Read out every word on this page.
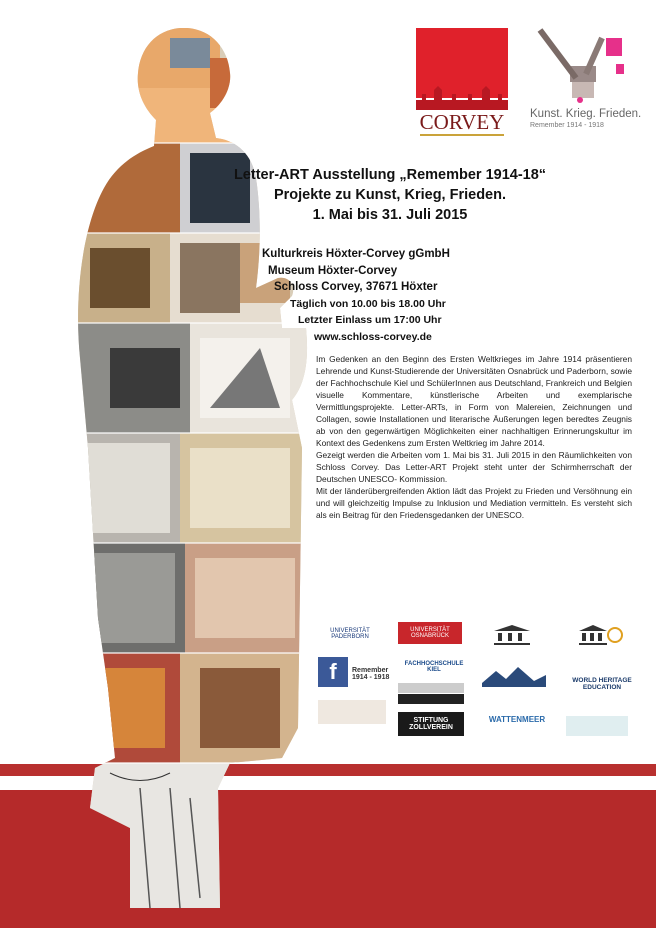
CORVEY	Kunst. Krieg. Frieden.
Remember 1914 - 1918
Letter-ART Ausstellung „Remember 1914-18“
Projekte zu Kunst, Krieg, Frieden.
1. Mai bis 31. Juli 2015
Kulturkreis Höxter-Corvey gGmbH
Museum Höxter-Corvey
Schloss Corvey, 37671 Höxter
Täglich von 10.00 bis 18.00 Uhr
Letzter Einlass um 17:00 Uhr
www.schloss-corvey.de

Im Gedenken an den Beginn des Ersten Weltkrieges im Jahre 1914 präsentieren Lehrende und Kunst-Studierende der Universitäten Osnabrück und Paderborn, sowie der Fachhochschule Kiel und SchülerInnen aus Deutschland, Frankreich und Belgien visuelle Kommentare, künstlerische Arbeiten und exemplarische Vermittlungsprojekte. Letter-ARTs, in Form von Malereien, Zeichnungen und Collagen, sowie Installationen und literarische Äußerungen legen beredtes Zeugnis ab von den gegenwärtigen Möglichkeiten einer nachhaltigen Erinnerungskultur im Kontext des Gedenkens zum Ersten Weltkrieg im Jahre 2014.

Gezeigt werden die Arbeiten vom 1. Mai bis 31. Juli 2015 in den Räumlichkeiten von Schloss Corvey. Das Letter-ART Projekt steht unter der Schirmherrschaft der Deutschen UNESCO- Kommission.

Mit der länderübergreifenden Aktion lädt das Projekt zu Frieden und Versöhnung ein und will gleichzeitig Impulse zu Inklusion und Mediation vermitteln. Es versteht sich als ein Beitrag für den Friedensgedanken der UNESCO.

UNIVERSITÄT PADERBORN
UNIVERSITÄT OSNABRÜCK
f Remember 1914 - 1918
FACHHOCHSCHULE KIEL
WORLD HERITAGE EDUCATION
STIFTUNG ZOLLVEREIN
WATTENMEER
